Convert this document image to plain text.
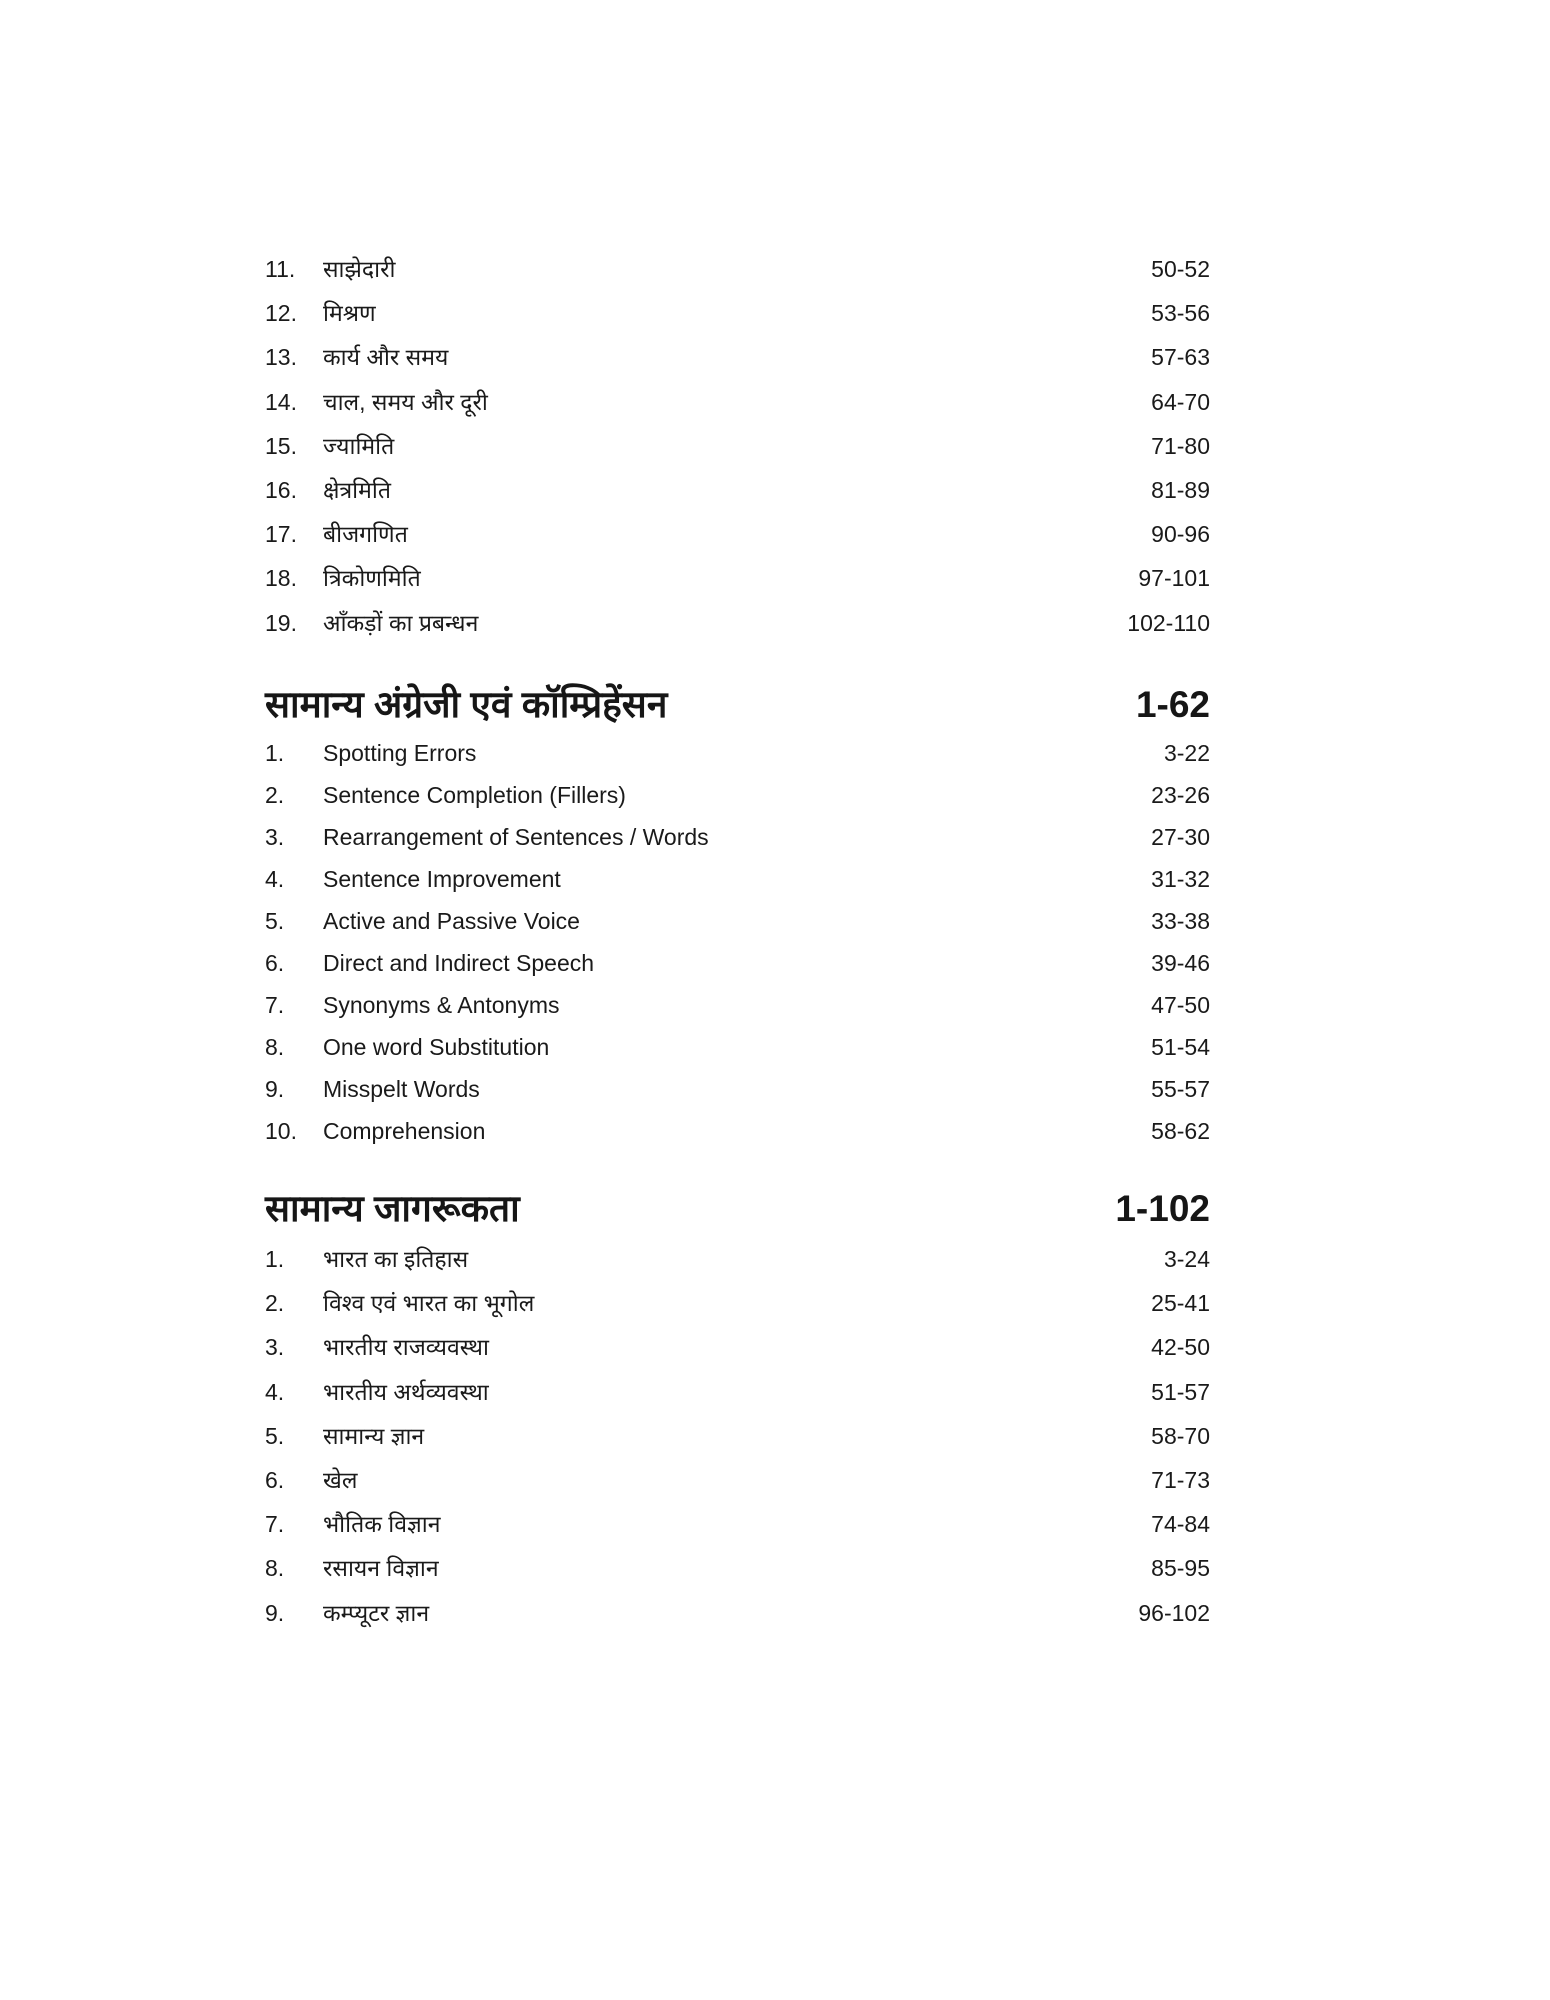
11.	साझेदारी	50-52
12.	मिश्रण	53-56
13.	कार्य और समय	57-63
14.	चाल, समय और दूरी	64-70
15.	ज्यामिति	71-80
16.	क्षेत्रमिति	81-89
17.	बीजगणित	90-96
18.	त्रिकोणमिति	97-101
19.	आँकड़ों का प्रबन्धन	102-110
सामान्य अंग्रेजी एवं कॉम्प्रिहेंसन	1-62
1.	Spotting Errors	3-22
2.	Sentence Completion (Fillers)	23-26
3.	Rearrangement of Sentences / Words	27-30
4.	Sentence Improvement	31-32
5.	Active and Passive Voice	33-38
6.	Direct and Indirect Speech	39-46
7.	Synonyms & Antonyms	47-50
8.	One word Substitution	51-54
9.	Misspelt Words	55-57
10.	Comprehension	58-62
सामान्य जागरूकता	1-102
1.	भारत का इतिहास	3-24
2.	विश्व एवं भारत का भूगोल	25-41
3.	भारतीय राजव्यवस्था	42-50
4.	भारतीय अर्थव्यवस्था	51-57
5.	सामान्य ज्ञान	58-70
6.	खेल	71-73
7.	भौतिक विज्ञान	74-84
8.	रसायन विज्ञान	85-95
9.	कम्प्यूटर ज्ञान	96-102
